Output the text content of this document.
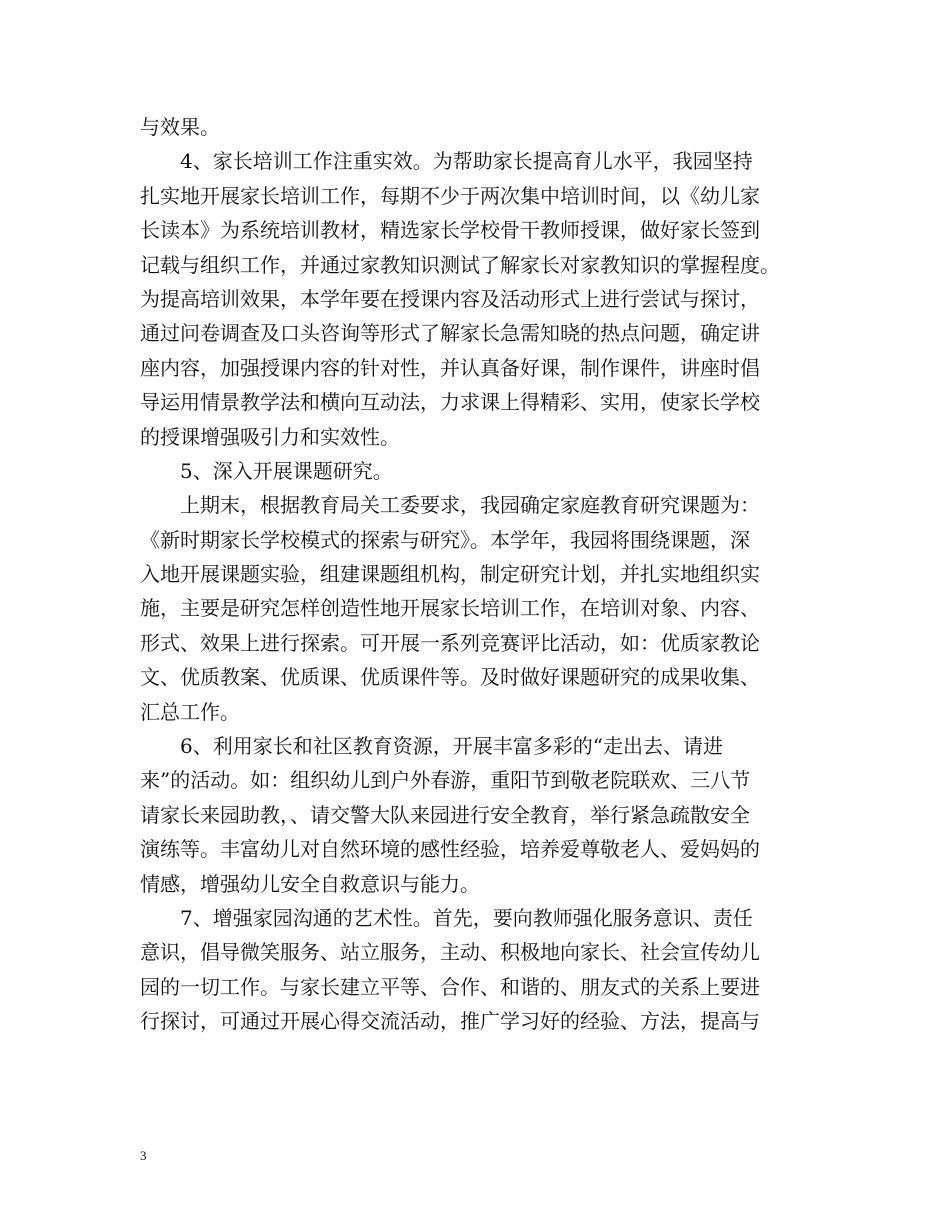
与效果。
4、家长培训工作注重实效。为帮助家长提高育儿水平，我园坚持
扎实地开展家长培训工作，每期不少于两次集中培训时间，以《幼儿家
长读本》为系统培训教材，精选家长学校骨干教师授课，做好家长签到
记载与组织工作，并通过家教知识测试了解家长对家教知识的掌握程度。
为提高培训效果，本学年要在授课内容及活动形式上进行尝试与探讨，
通过问卷调查及口头咨询等形式了解家长急需知晓的热点问题，确定讲
座内容，加强授课内容的针对性，并认真备好课，制作课件，讲座时倡
导运用情景教学法和横向互动法，力求课上得精彩、实用，使家长学校
的授课增强吸引力和实效性。
5、深入开展课题研究。
上期末，根据教育局关工委要求，我园确定家庭教育研究课题为：
《新时期家长学校模式的探索与研究》。本学年，我园将围绕课题，深
入地开展课题实验，组建课题组机构，制定研究计划，并扎实地组织实
施，主要是研究怎样创造性地开展家长培训工作，在培训对象、内容、
形式、效果上进行探索。可开展一系列竞赛评比活动，如：优质家教论
文、优质教案、优质课、优质课件等。及时做好课题研究的成果收集、
汇总工作。
6、利用家长和社区教育资源，开展丰富多彩的“走出去、请进
来”的活动。如：组织幼儿到户外春游，重阳节到敬老院联欢、三八节
请家长来园助教，、请交警大队来园进行安全教育，举行紧急疏散安全
演练等。丰富幼儿对自然环境的感性经验，培养爱尊敬老人、爱妈妈的
情感，增强幼儿安全自救意识与能力。
7、增强家园沟通的艺术性。首先，要向教师强化服务意识、责任
意识，倡导微笑服务、站立服务，主动、积极地向家长、社会宣传幼儿
园的一切工作。与家长建立平等、合作、和谐的、朋友式的关系上要进
行探讨，可通过开展心得交流活动，推广学习好的经验、方法，提高与
3
